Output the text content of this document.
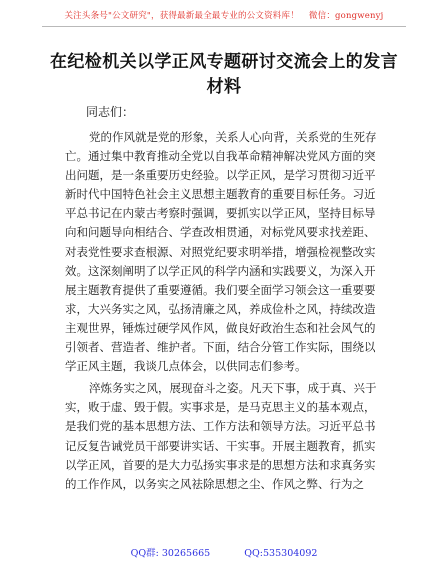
关注头条号"公文研究"，获得最新最全最专业的公文资料库！ 微信：gongwenyj
在纪检机关以学正风专题研讨交流会上的发言
材料
同志们：
党的作风就是党的形象，关系人心向背，关系党的生死存
亡。通过集中教育推动全党以自我革命精神解决党风方面的突
出问题，是一条重要历史经验。以学正风，是学习贯彻习近平
新时代中国特色社会主义思想主题教育的重要目标任务。习近
平总书记在内蒙古考察时强调，要抓实以学正风，坚持目标导
向和问题导向相结合、学查改相贯通，对标党风要求找差距、
对表党性要求查根源、对照党纪要求明举措，增强检视整改实
效。这深刻阐明了以学正风的科学内涵和实践要义，为深入开
展主题教育提供了重要遵循。我们要全面学习领会这一重要要
求，大兴务实之风，弘扬清廉之风，养成俭朴之风，持续改造
主观世界，锤炼过硬学风作风，做良好政治生态和社会风气的
引领者、营造者、维护者。下面，结合分管工作实际，围绕以
学正风主题，我谈几点体会，以供同志们参考。
淬炼务实之风，展现奋斗之姿。凡天下事，成于真、兴于
实，败于虚、毁于假。实事求是，是马克思主义的基本观点，
是我们党的基本思想方法、工作方法和领导方法。习近平总书
记反复告诫党员干部要讲实话、干实事。开展主题教育，抓实
以学正风，首要的是大力弘扬实事求是的思想方法和求真务实
的工作作风，以务实之风祛除思想之尘、作风之弊、行为之
QQ群: 30265665	QQ:535304092
